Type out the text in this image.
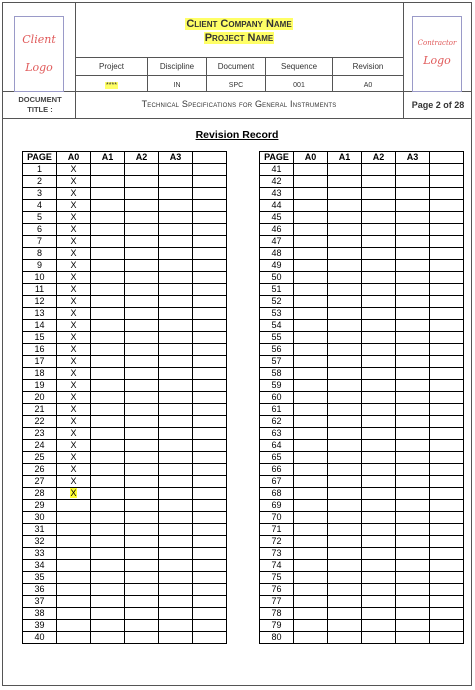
Client
Logo
Contractor
Logo
Client Company Name
Project Name
Project	Discipline	Document	Sequence	Revision
****	IN	SPC	001	A0
DOCUMENT TITLE :
Technical Specifications for General Instruments	Page 2 of 28
Revision Record
PAGE	A0	A1	A2	A3	
1	X				
2	X				
3	X				
4	X				
5	X				
6	X				
7	X				
8	X				
9	X				
10	X				
11	X				
12	X				
13	X				
14	X				
15	X				
16	X				
17	X				
18	X				
19	X				
20	X				
21	X				
22	X				
23	X				
24	X				
25	X				
26	X				
27	X				
28	X				
29					
30					
31					
32					
33					
34					
35					
36					
37					
38					
39					
40					
PAGE	A0	A1	A2	A3	
41					
42					
43					
44					
45					
46					
47					
48					
49					
50					
51					
52					
53					
54					
55					
56					
57					
58					
59					
60					
61					
62					
63					
64					
65					
66					
67					
68					
69					
70					
71					
72					
73					
74					
75					
76					
77					
78					
79					
80					
